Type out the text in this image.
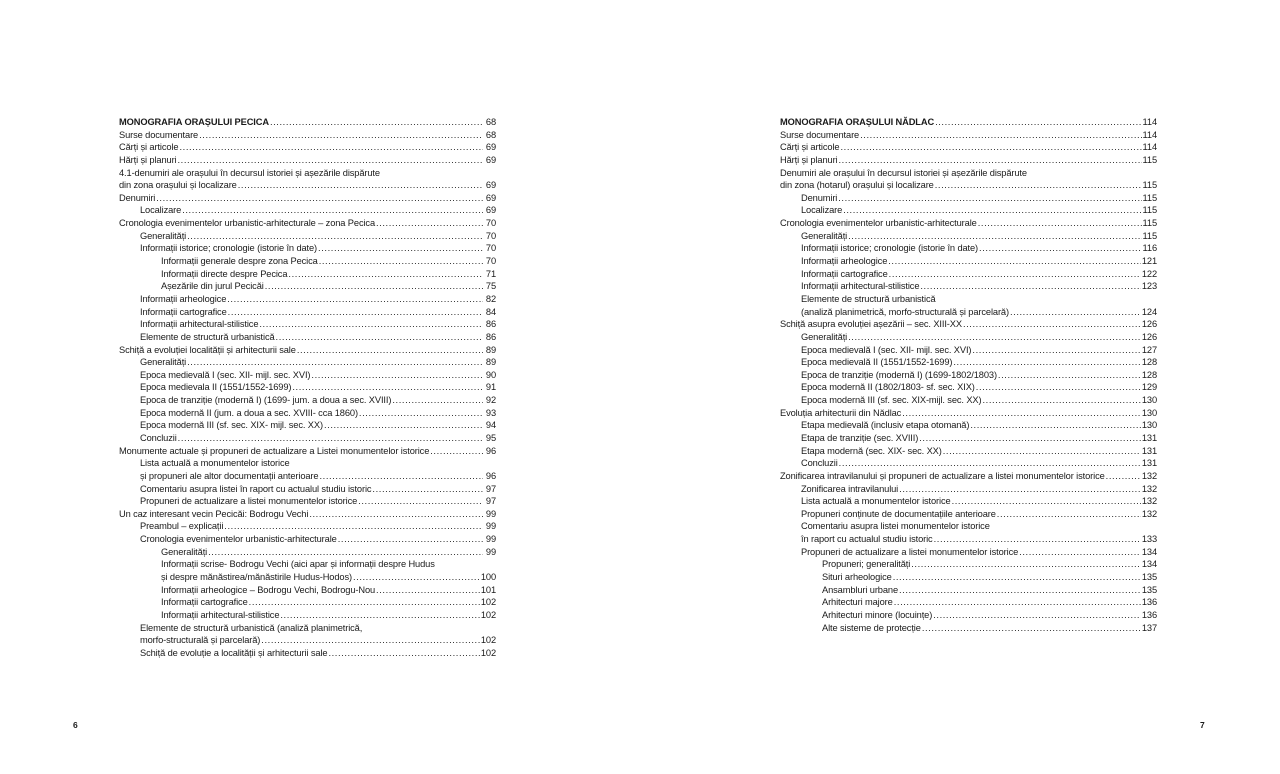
MONOGRAFIA ORAȘULUI PECICA .....	68
Surse documentare .....	68
Cărți și articole .....	69
Hărți și planuri .....	69
4.1-denumiri ale orașului în decursul istoriei și așezările dispărute
din zona orașului și localizare .....	69
Denumiri .....	69
Localizare .....	69
Cronologia evenimentelor urbanistic-arhitecturale – zona Pecica .....	70
Generalități .....	70
Informații istorice; cronologie (istorie în date) .....	70
Informații generale despre zona Pecica .....	70
Informații directe despre Pecica .....	71
Așezările din jurul Pecicăi .....	75
Informații arheologice .....	82
Informații cartografice .....	84
Informații arhitectural-stilistice .....	86
Elemente de structură urbanistică .....	86
Schiță a evoluției localității și arhitecturii sale .....	89
Generalități .....	89
Epoca medievală I (sec. XII- mijl. sec. XVI) .....	90
Epoca medievala II (1551/1552-1699) .....	91
Epoca de tranziție (modernă I) (1699- jum. a doua a sec. XVIII) .....	92
Epoca modernă II (jum. a doua a sec. XVIII- cca 1860) .....	93
Epoca modernă III (sf. sec. XIX- mijl. sec. XX) .....	94
Concluzii .....	95
Monumente actuale și propuneri de actualizare a Listei monumentelor istorice .....	96
Lista actuală a monumentelor istorice
și propuneri ale altor documentații anterioare .....	96
Comentariu asupra listei în raport cu actualul studiu istoric .....	97
Propuneri de actualizare a listei monumentelor istorice .....	97
Un caz interesant vecin Pecicăi: Bodrogu Vechi .....	99
Preambul – explicații .....	99
Cronologia evenimentelor urbanistic-arhitecturale .....	99
Generalități .....	99
Informații scrise- Bodrogu Vechi (aici apar și informații despre Hudus
și despre mănăstirea/mănăstirile Hudus-Hodos) .....	100
Informații arheologice – Bodrogu Vechi, Bodrogu-Nou .....	101
Informații cartografice .....	102
Informații arhitectural-stilistice .....	102
Elemente de structură urbanistică (analiză planimetrică,
morfo-structurală și parcelară) .....	102
Schiță de evoluție a localității și arhitecturii sale .....	102
6
MONOGRAFIA ORAȘULUI NĂDLAC .....	114
Surse documentare .....	114
Cărți și articole .....	114
Hărți și planuri .....	115
Denumiri ale orașului în decursul istoriei și așezările dispărute
din zona (hotarul) orașului și localizare .....	115
Denumiri .....	115
Localizare .....	115
Cronologia evenimentelor urbanistic-arhitecturale .....	115
Generalități .....	115
Informații istorice; cronologie (istorie în date) .....	116
Informații arheologice .....	121
Informații cartografice .....	122
Informații arhitectural-stilistice .....	123
Elemente de structură urbanistică
(analiză planimetrică, morfo-structurală și parcelară) .....	124
Schiță asupra evoluției așezării – sec. XIII-XX .....	126
Generalități .....	126
Epoca medievală I (sec. XII- mijl. sec. XVI) .....	127
Epoca medievală II (1551/1552-1699) .....	128
Epoca de tranziție (modernă I) (1699-1802/1803) .....	128
Epoca modernă II (1802/1803- sf. sec. XIX) .....	129
Epoca modernă III (sf. sec. XIX-mijl. sec. XX) .....	130
Evoluția arhitecturii din Nădlac .....	130
Etapa medievală (inclusiv etapa otomană) .....	130
Etapa de tranziție (sec. XVIII) .....	131
Etapa modernă (sec. XIX- sec. XX) .....	131
Concluzii .....	131
Zonificarea intravilanului și propuneri de actualizare a listei monumentelor istorice .....	132
Zonificarea intravilanului .....	132
Lista actuală a monumentelor istorice .....	132
Propuneri conținute de documentațiile anterioare .....	132
Comentariu asupra listei monumentelor istorice
în raport cu actualul studiu istoric .....	133
Propuneri de actualizare a listei monumentelor istorice .....	134
Propuneri; generalități .....	134
Situri arheologice .....	135
Ansambluri urbane .....	135
Arhitecturi majore .....	136
Arhitecturi minore (locuințe) .....	136
Alte sisteme de protecție .....	137
7
